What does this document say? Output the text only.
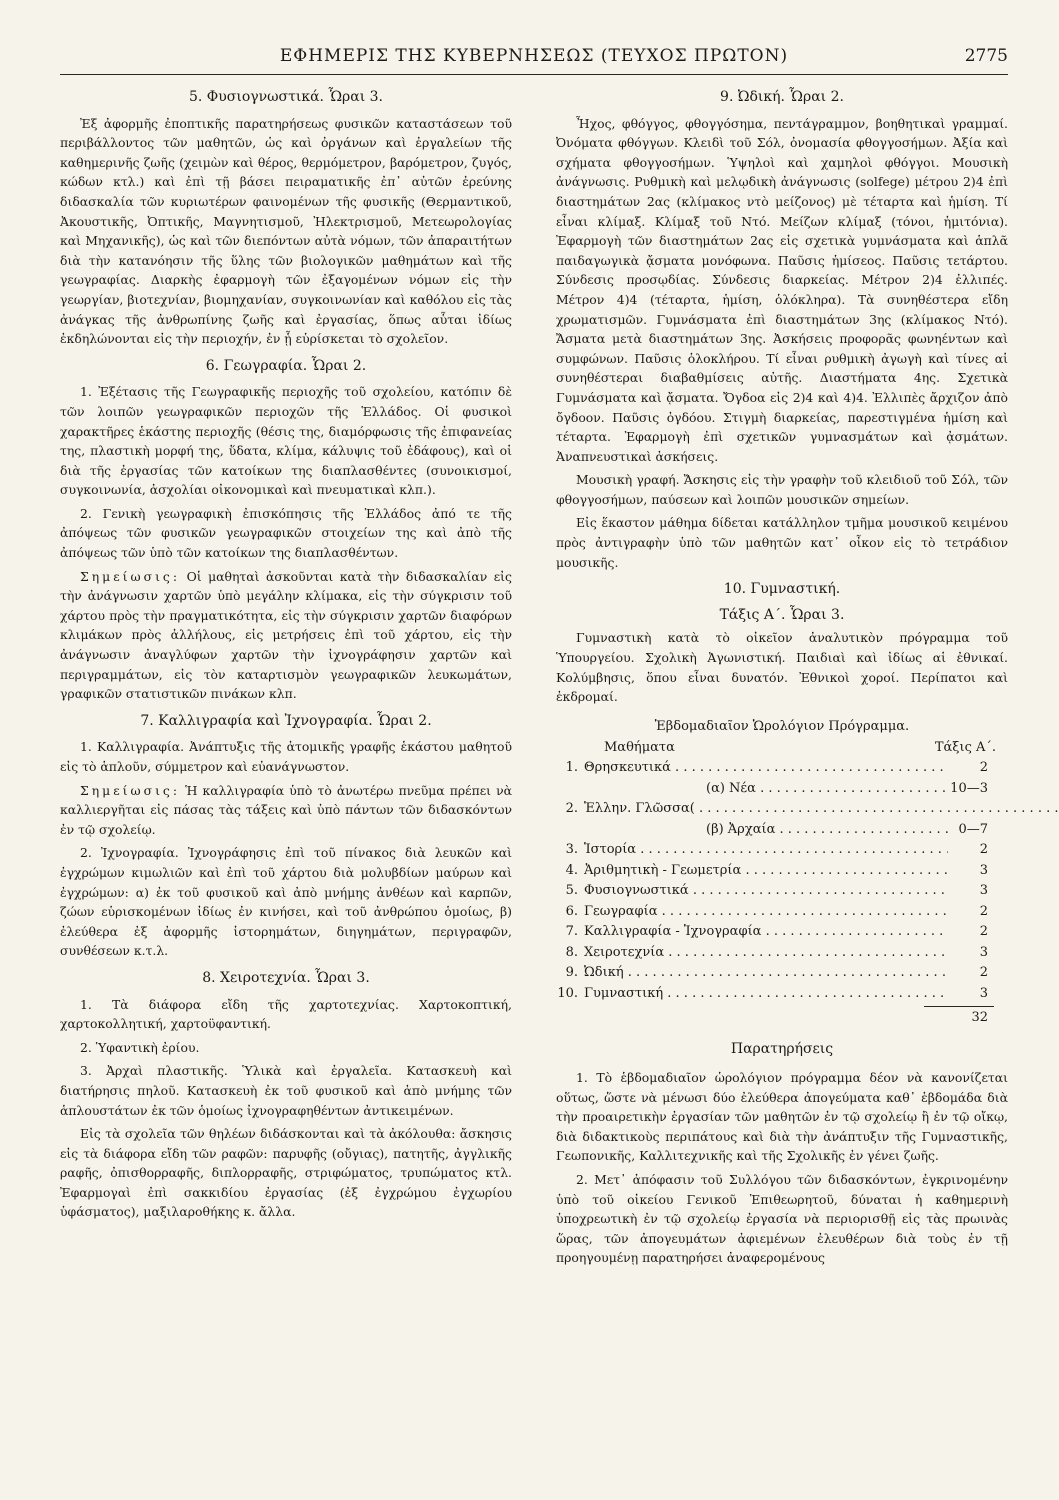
ΕΦΗΜΕΡΙΣ ΤΗΣ ΚΥΒΕΡΝΗΣΕΩΣ (ΤΕΥΧΟΣ ΠΡΩΤΟΝ)	2775
5. Φυσιογνωστικά. Ὧραι 3.

Ἐξ ἀφορμῆς ἐποπτικῆς παρατηρήσεως φυσικῶν καταστάσεων τοῦ περιβάλλοντος τῶν μαθητῶν, ὡς καὶ ὀργάνων καὶ ἐργαλείων τῆς καθημερινῆς ζωῆς (χειμὼν καὶ θέρος, θερμόμετρον, βαρόμετρον, ζυγός, κώδων κτλ.) καὶ ἐπὶ τῇ βάσει πειραματικῆς ἐπ᾿ αὐτῶν ἐρεύνης διδασκαλία τῶν κυριωτέρων φαινομένων τῆς φυσικῆς (Θερμαντικοῦ, Ἀκουστικῆς, Ὀπτικῆς, Μαγνητισμοῦ, Ἠλεκτρισμοῦ, Μετεωρολογίας καὶ Μηχανικῆς), ὡς καὶ τῶν διεπόντων αὐτὰ νόμων, τῶν ἀπαραιτήτων διὰ τὴν κατανόησιν τῆς ὕλης τῶν βιολογικῶν μαθημάτων καὶ τῆς γεωγραφίας. Διαρκὴς ἐφαρμογὴ τῶν ἐξαγομένων νόμων εἰς τὴν γεωργίαν, βιοτεχνίαν, βιομηχανίαν, συγκοινωνίαν καὶ καθόλου εἰς τὰς ἀνάγκας τῆς ἀνθρωπίνης ζωῆς καὶ ἐργασίας, ὅπως αὗται ἰδίως ἐκδηλώνονται εἰς τὴν περιοχήν, ἐν ᾗ εὑρίσκεται τὸ σχολεῖον.

6. Γεωγραφία. Ὧραι 2.

1. Ἐξέτασις τῆς Γεωγραφικῆς περιοχῆς τοῦ σχολείου, κατόπιν δὲ τῶν λοιπῶν γεωγραφικῶν περιοχῶν τῆς Ἑλλάδος. Οἱ φυσικοὶ χαρακτῆρες ἑκάστης περιοχῆς (θέσις της, διαμόρφωσις τῆς ἐπιφανείας της, πλαστικὴ μορφή της, ὕδατα, κλίμα, κάλυψις τοῦ ἐδάφους), καὶ οἱ διὰ τῆς ἐργασίας τῶν κατοίκων της διαπλασθέντες (συνοικισμοί, συγκοινωνία, ἀσχολίαι οἰκονομικαὶ καὶ πνευματικαὶ κλπ.).

2. Γενικὴ γεωγραφικὴ ἐπισκόπησις τῆς Ἑλλάδος ἀπό τε τῆς ἀπόψεως τῶν φυσικῶν γεωγραφικῶν στοιχείων της καὶ ἀπὸ τῆς ἀπόψεως τῶν ὑπὸ τῶν κατοίκων της διαπλασθέντων.

Σημείωσις: Οἱ μαθηταὶ ἀσκοῦνται κατὰ τὴν διδασκαλίαν εἰς τὴν ἀνάγνωσιν χαρτῶν ὑπὸ μεγάλην κλίμακα, εἰς τὴν σύγκρισιν τοῦ χάρτου πρὸς τὴν πραγματικότητα, εἰς τὴν σύγκρισιν χαρτῶν διαφόρων κλιμάκων πρὸς ἀλλήλους, εἰς μετρήσεις ἐπὶ τοῦ χάρτου, εἰς τὴν ἀνάγνωσιν ἀναγλύφων χαρτῶν τὴν ἰχνογράφησιν χαρτῶν καὶ περιγραμμάτων, εἰς τὸν καταρτισμὸν γεωγραφικῶν λευκωμάτων, γραφικῶν στατιστικῶν πινάκων κλπ.

7. Καλλιγραφία καὶ Ἰχνογραφία. Ὧραι 2.

1. Καλλιγραφία. Ἀνάπτυξις τῆς ἀτομικῆς γραφῆς ἑκάστου μαθητοῦ εἰς τὸ ἁπλοῦν, σύμμετρον καὶ εὐανάγνωστον.

Σημείωσις: Ἡ καλλιγραφία ὑπὸ τὸ ἀνωτέρω πνεῦμα πρέπει νὰ καλλιεργῆται εἰς πάσας τὰς τάξεις καὶ ὑπὸ πάντων τῶν διδασκόντων ἐν τῷ σχολείῳ.

2. Ἰχνογραφία. Ἰχνογράφησις ἐπὶ τοῦ πίνακος διὰ λευκῶν καὶ ἐγχρώμων κιμωλιῶν καὶ ἐπὶ τοῦ χάρτου διὰ μολυβδίων μαύρων καὶ ἐγχρώμων: α) ἐκ τοῦ φυσικοῦ καὶ ἀπὸ μνήμης ἀνθέων καὶ καρπῶν, ζώων εὑρισκομένων ἰδίως ἐν κινήσει, καὶ τοῦ ἀνθρώπου ὁμοίως, β) ἐλεύθερα ἐξ ἀφορμῆς ἱστορημάτων, διηγημάτων, περιγραφῶν, συνθέσεων κ.τ.λ.

8. Χειροτεχνία. Ὧραι 3.

1. Τὰ διάφορα εἴδη τῆς χαρτοτεχνίας. Χαρτοκοπτική, χαρτοκολλητική, χαρτοϋφαντική.

2. Ὑφαντικὴ ἐρίου.

3. Ἀρχαὶ πλαστικῆς. Ὑλικὰ καὶ ἐργαλεῖα. Κατασκευὴ καὶ διατήρησις πηλοῦ. Κατασκευὴ ἐκ τοῦ φυσικοῦ καὶ ἀπὸ μνήμης τῶν ἁπλουστάτων ἐκ τῶν ὁμοίως ἰχνογραφηθέντων ἀντικειμένων.

Εἰς τὰ σχολεῖα τῶν θηλέων διδάσκονται καὶ τὰ ἀκόλουθα: ἄσκησις εἰς τὰ διάφορα εἴδη τῶν ραφῶν: παρυφῆς (οὔγιας), πατητῆς, ἀγγλικῆς ραφῆς, ὀπισθορραφῆς, διπλορραφῆς, στριφώματος, τρυπώματος κτλ. Ἐφαρμογαὶ ἐπὶ σακκιδίου ἐργασίας (ἐξ ἐγχρώμου ἐγχωρίου ὑφάσματος), μαξιλαροθήκης κ. ἄλλα.

9. Ὠδική. Ὧραι 2.

Ἦχος, φθόγγος, φθογγόσημα, πεντάγραμμον, βοηθητικαὶ γραμμαί. Ὀνόματα φθόγγων. Κλειδὶ τοῦ Σόλ, ὀνομασία φθογγοσήμων. Ἀξία καὶ σχήματα φθογγοσήμων. Ὑψηλοὶ καὶ χαμηλοὶ φθόγγοι. Μουσικὴ ἀνάγνωσις. Ρυθμικὴ καὶ μελῳδικὴ ἀνάγνωσις (solfege) μέτρου 2)4 ἐπὶ διαστημάτων 2ας (κλίμακος ντὸ μείζονος) μὲ τέταρτα καὶ ἡμίση. Τί εἶναι κλίμαξ. Κλίμαξ τοῦ Ντό. Μείζων κλίμαξ (τόνοι, ἡμιτόνια). Ἐφαρμογὴ τῶν διαστημάτων 2ας εἰς σχετικὰ γυμνάσματα καὶ ἁπλᾶ παιδαγωγικὰ ᾄσματα μονόφωνα. Παῦσις ἡμίσεος. Παῦσις τετάρτου. Σύνδεσις προσῳδίας. Σύνδεσις διαρκείας. Μέτρον 2)4 ἐλλιπές. Μέτρον 4)4 (τέταρτα, ἡμίση, ὁλόκληρα). Τὰ συνηθέστερα εἴδη χρωματισμῶν. Γυμνάσματα ἐπὶ διαστημάτων 3ης (κλίμακος Ντό). Ἄσματα μετὰ διαστημάτων 3ης. Ἀσκήσεις προφορᾶς φωνηέντων καὶ συμφώνων. Παῦσις ὁλοκλήρου. Τί εἶναι ρυθμικὴ ἀγωγὴ καὶ τίνες αἱ συνηθέστεραι διαβαθμίσεις αὐτῆς. Διαστήματα 4ης. Σχετικὰ Γυμνάσματα καὶ ᾄσματα. Ὄγδοα εἰς 2)4 καὶ 4)4. Ἐλλιπὲς ἄρχιζον ἀπὸ ὄγδοον. Παῦσις ὀγδόου. Στιγμὴ διαρκείας, παρεστιγμένα ἡμίση καὶ τέταρτα. Ἐφαρμογὴ ἐπὶ σχετικῶν γυμνασμάτων καὶ ᾀσμάτων. Ἀναπνευστικαὶ ἀσκήσεις.

Μουσικὴ γραφή. Ἄσκησις εἰς τὴν γραφὴν τοῦ κλειδιοῦ τοῦ Σόλ, τῶν φθογγοσήμων, παύσεων καὶ λοιπῶν μουσικῶν σημείων.

Εἰς ἕκαστον μάθημα δίδεται κατάλληλον τμῆμα μουσικοῦ κειμένου πρὸς ἀντιγραφὴν ὑπὸ τῶν μαθητῶν κατ᾿ οἶκον εἰς τὸ τετράδιον μουσικῆς.

10. Γυμναστική.
Τάξις Α΄. Ὧραι 3.

Γυμναστικὴ κατὰ τὸ οἰκεῖον ἀναλυτικὸν πρόγραμμα τοῦ Ὑπουργείου. Σχολικὴ Ἀγωνιστική. Παιδιαὶ καὶ ἰδίως αἱ ἐθνικαί. Κολύμβησις, ὅπου εἶναι δυνατόν. Ἐθνικοὶ χοροί. Περίπατοι καὶ ἐκδρομαί.

Ἑβδομαδιαῖον Ὡρολόγιον Πρόγραμμα.
Μαθήματα	Τάξις Α΄.
1. Θρησκευτικά . . .	2
(α) Νέα . . .	10—3
2. Ἑλλην. Γλῶσσα( . . .
(β) Ἀρχαία . . .	0—7
3. Ἱστορία . . .	2
4. Ἀριθμητικὴ - Γεωμετρία . . .	3
5. Φυσιογνωστικά . . .	3
6. Γεωγραφία . . .	2
7. Καλλιγραφία - Ἰχνογραφία . . .	2
8. Χειροτεχνία . . .	3
9. Ὠδική . . .	2
10. Γυμναστική . . .	3
32
Παρατηρήσεις

1. Τὸ ἑβδομαδιαῖον ὡρολόγιον πρόγραμμα δέον νὰ κανονίζεται οὕτως, ὥστε νὰ μένωσι δύο ἐλεύθερα ἀπογεύματα καθ᾿ ἑβδομάδα διὰ τὴν προαιρετικὴν ἐργασίαν τῶν μαθητῶν ἐν τῷ σχολείῳ ἢ ἐν τῷ οἴκῳ, διὰ διδακτικοὺς περιπάτους καὶ διὰ τὴν ἀνάπτυξιν τῆς Γυμναστικῆς, Γεωπονικῆς, Καλλιτεχνικῆς καὶ τῆς Σχολικῆς ἐν γένει ζωῆς.

2. Μετ᾿ ἀπόφασιν τοῦ Συλλόγου τῶν διδασκόντων, ἐγκρινομένην ὑπὸ τοῦ οἰκείου Γενικοῦ Ἐπιθεωρητοῦ, δύναται ἡ καθημερινὴ ὑποχρεωτικὴ ἐν τῷ σχολείῳ ἐργασία νὰ περιορισθῇ εἰς τὰς πρωινὰς ὥρας, τῶν ἀπογευμάτων ἀφιεμένων ἐλευθέρων διὰ τοὺς ἐν τῇ προηγουμένῃ παρατηρήσει ἀναφερομένους
